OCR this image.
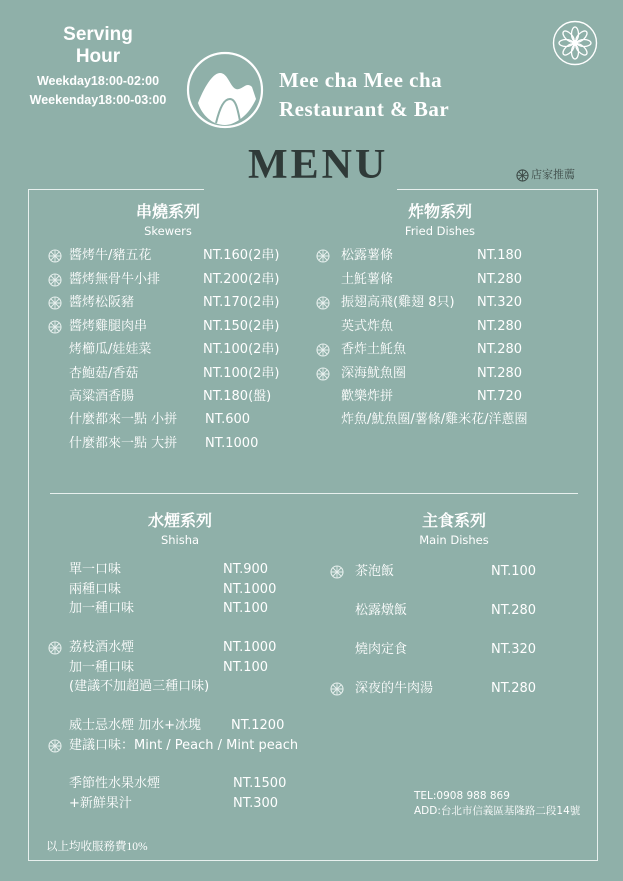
Serving
Hour
Weekday18:00-02:00
Weekenday18:00-03:00
Mee cha Mee cha
Restaurant & Bar
MENU	店家推薦
串燒系列
Skewers
炸物系列
Fried Dishes
水煙系列
Shisha
主食系列
Main Dishes
醬烤牛/豬五花	NT.160(2串)
醬烤無骨牛小排	NT.200(2串)
醬烤松阪豬	NT.170(2串)
醬烤雞腿肉串	NT.150(2串)
烤櫛瓜/娃娃菜	NT.100(2串)
杏鮑菇/香菇	NT.100(2串)
高粱酒香腸	NT.180(盤)
什麼都來一點 小拼 NT.600
什麼都來一點 大拼 NT.1000
松露薯條	NT.180
土魠薯條	NT.280
振翅高飛(雞翅 8只) NT.320
英式炸魚	NT.280
香炸土魠魚	NT.280
深海魷魚圈	NT.280
歡樂炸拼	NT.720
炸魚/魷魚圈/薯條/雞米花/洋蔥圈
單一口味	NT.900
兩種口味	NT.1000
加一種口味	NT.100
荔枝酒水煙	NT.1000
加一種口味	NT.100
(建議不加超過三種口味)
威士忌水煙 加水+冰塊 NT.1200
建議口味：Mint / Peach / Mint peach
季節性水果水煙	NT.1500
+新鮮果汁	NT.300
茶泡飯	NT.100
松露燉飯	NT.280
燒肉定食	NT.320
深夜的牛肉湯	NT.280
TEL:0908 988 869
ADD:台北市信義區基隆路二段14號
以上均收服務費10%
